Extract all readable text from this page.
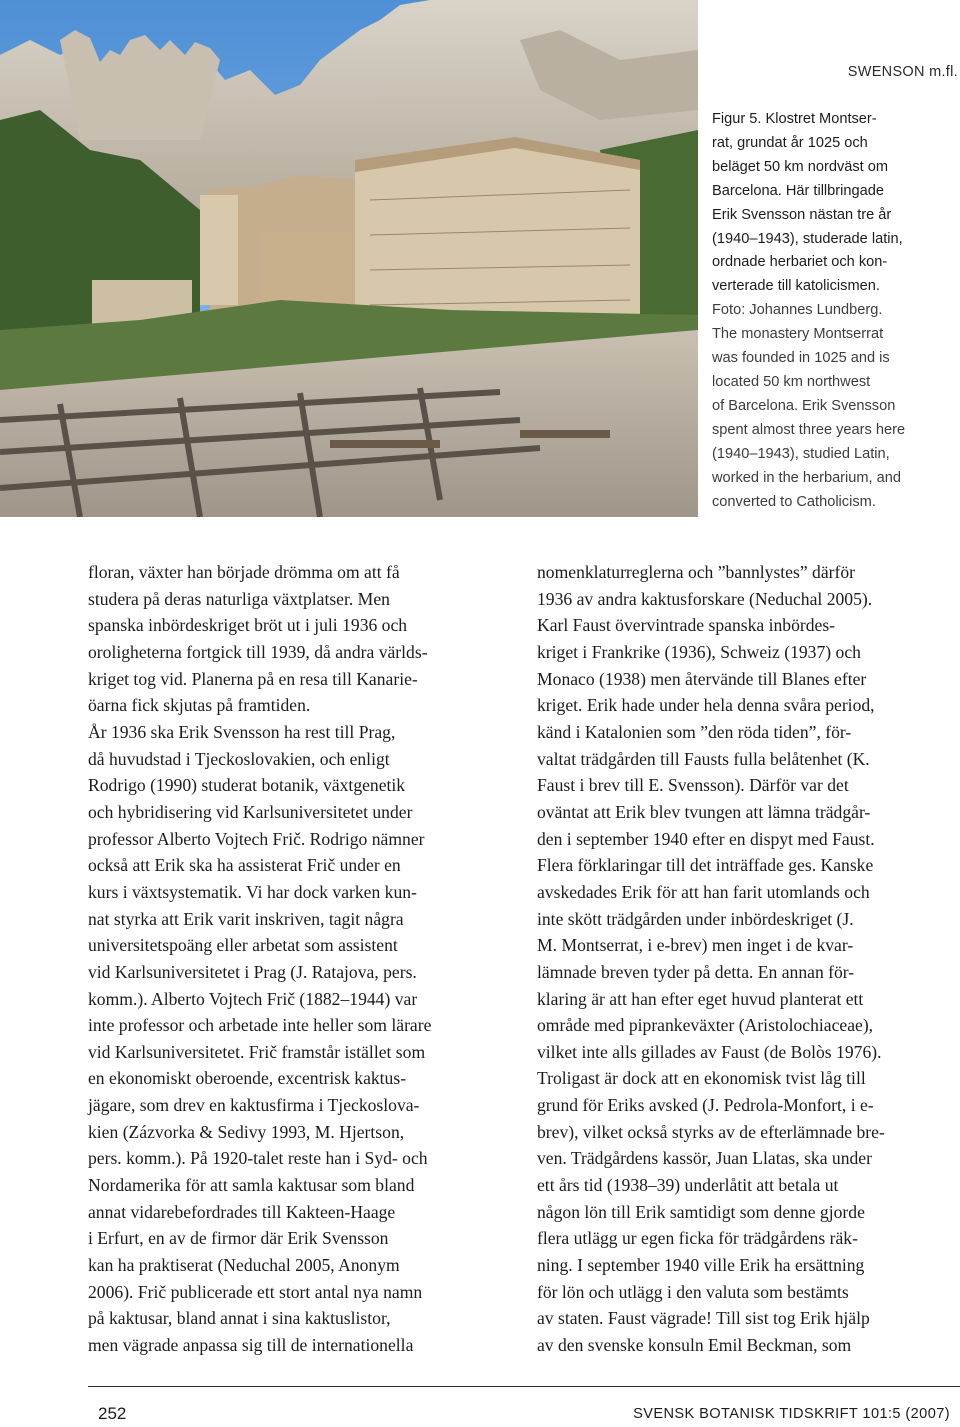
SWENSON m.fl.
Figur 5. Klostret Montser-
rat, grundat år 1025 och
beläget 50 km nordväst om
Barcelona. Här tillbringade
Erik Svensson nästan tre år
(1940–1943), studerade latin,
ordnade herbariet och kon-
verterade till katolicismen.
Foto: Johannes Lundberg.
The monastery Montserrat
was founded in 1025 and is
located 50 km northwest
of Barcelona. Erik Svensson
spent almost three years here
(1940–1943), studied Latin,
worked in the herbarium, and
converted to Catholicism.
floran, växter han började drömma om att få
studera på deras naturliga växtplatser. Men
spanska inbördeskriget bröt ut i juli 1936 och
oroligheterna fortgick till 1939, då andra världs-
kriget tog vid. Planerna på en resa till Kanarie-
öarna fick skjutas på framtiden.
År 1936 ska Erik Svensson ha rest till Prag,
då huvudstad i Tjeckoslovakien, och enligt
Rodrigo (1990) studerat botanik, växtgenetik
och hybridisering vid Karlsuniversitetet under
professor Alberto Vojtech Frič. Rodrigo nämner
också att Erik ska ha assisterat Frič under en
kurs i växtsystematik. Vi har dock varken kun-
nat styrka att Erik varit inskriven, tagit några
universitetspoäng eller arbetat som assistent
vid Karlsuniversitetet i Prag (J. Ratajova, pers.
komm.). Alberto Vojtech Frič (1882–1944) var
inte professor och arbetade inte heller som lärare
vid Karlsuniversitetet. Frič framstår istället som
en ekonomiskt oberoende, excentrisk kaktus-
jägare, som drev en kaktusfirma i Tjeckoslova-
kien (Zázvorka & Sedivy 1993, M. Hjertson,
pers. komm.). På 1920-talet reste han i Syd- och
Nordamerika för att samla kaktusar som bland
annat vidarebefordrades till Kakteen-Haage
i Erfurt, en av de firmor där Erik Svensson
kan ha praktiserat (Neduchal 2005, Anonym
2006). Frič publicerade ett stort antal nya namn
på kaktusar, bland annat i sina kaktuslistor,
men vägrade anpassa sig till de internationella
nomenklaturreglerna och ”bannlystes” därför
1936 av andra kaktusforskare (Neduchal 2005).
Karl Faust övervintrade spanska inbördes-
kriget i Frankrike (1936), Schweiz (1937) och
Monaco (1938) men återvände till Blanes efter
kriget. Erik hade under hela denna svåra period,
känd i Katalonien som ”den röda tiden”, för-
valtat trädgården till Fausts fulla belåtenhet (K.
Faust i brev till E. Svensson). Därför var det
oväntat att Erik blev tvungen att lämna trädgår-
den i september 1940 efter en dispyt med Faust.
Flera förklaringar till det inträffade ges. Kanske
avskedades Erik för att han farit utomlands och
inte skött trädgården under inbördeskriget (J.
M. Montserrat, i e-brev) men inget i de kvar-
lämnade breven tyder på detta. En annan för-
klaring är att han efter eget huvud planterat ett
område med piprankeväxter (Aristolochiaceae),
vilket inte alls gillades av Faust (de Bolòs 1976).
Troligast är dock att en ekonomisk tvist låg till
grund för Eriks avsked (J. Pedrola-Monfort, i e-
brev), vilket också styrks av de efterlämnade bre-
ven. Trädgårdens kassör, Juan Llatas, ska under
ett års tid (1938–39) underlåtit att betala ut
någon lön till Erik samtidigt som denne gjorde
flera utlägg ur egen ficka för trädgårdens räk-
ning. I september 1940 ville Erik ha ersättning
för lön och utlägg i den valuta som bestämts
av staten. Faust vägrade! Till sist tog Erik hjälp
av den svenske konsuln Emil Beckman, som
252	SVENSK BOTANISK TIDSKRIFT 101:5 (2007)
